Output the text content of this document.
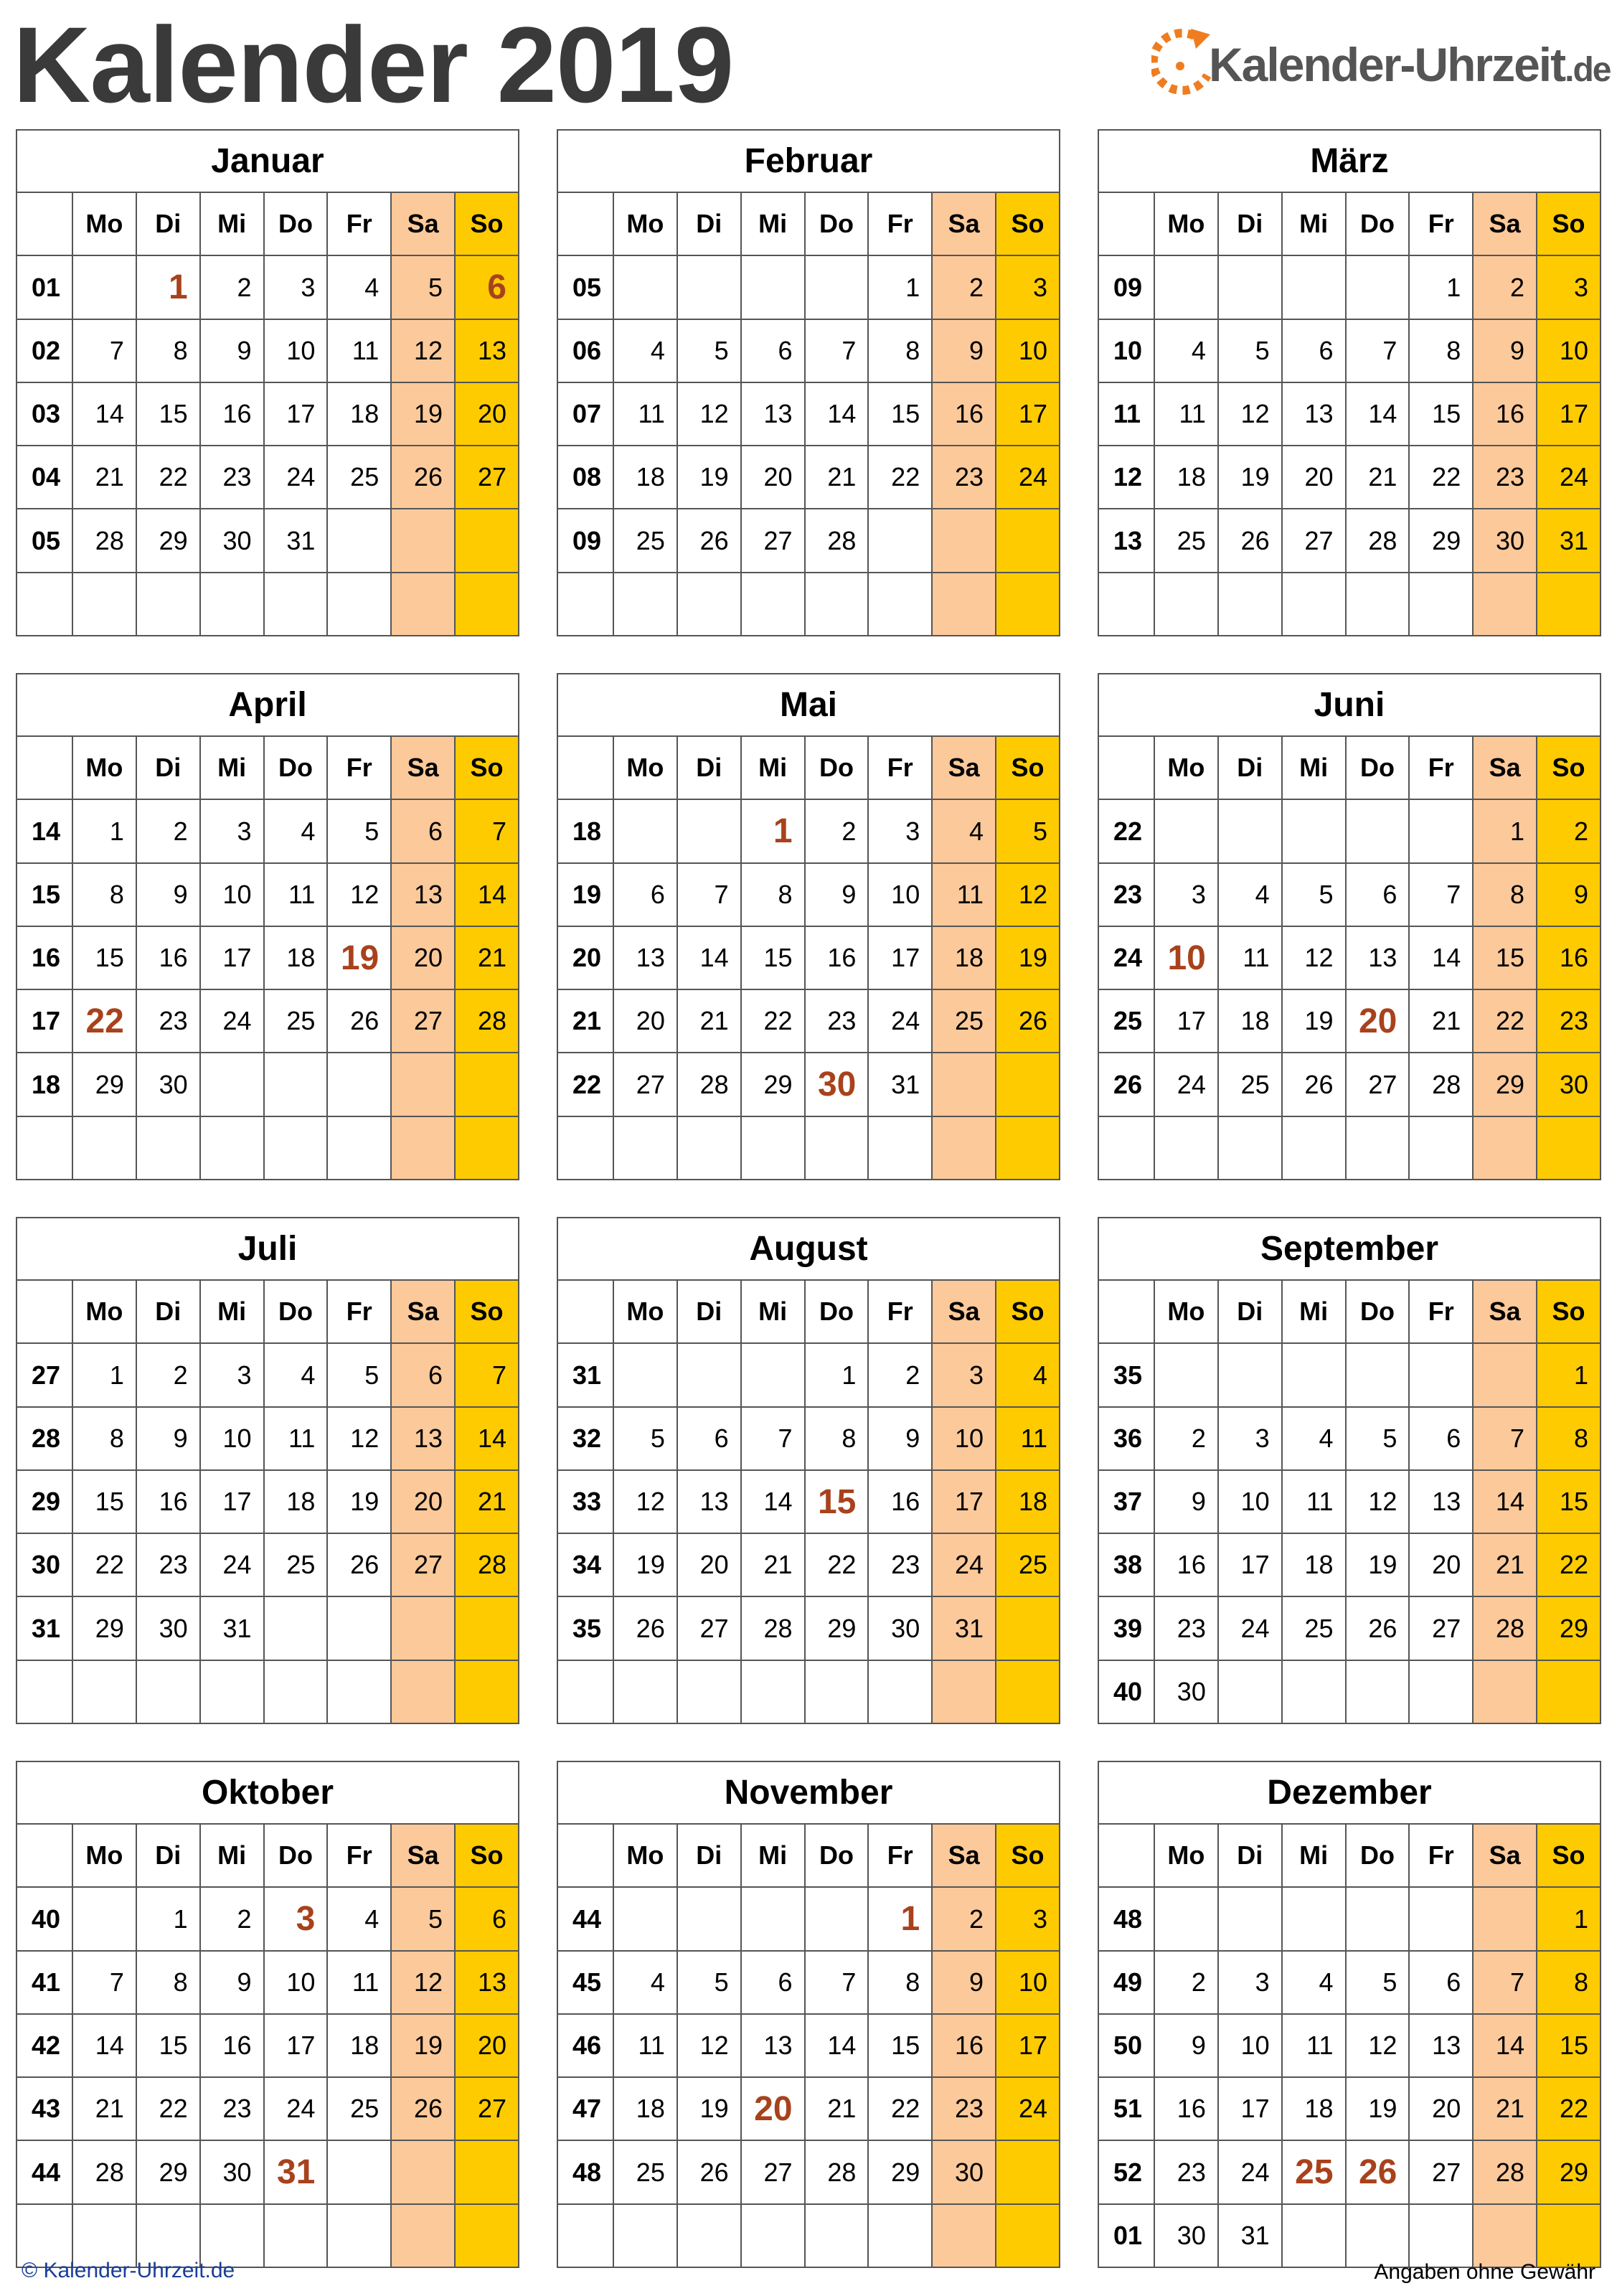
Kalender 2019	Kalender-Uhrzeit.de
Januar							
	Mo	Di	Mi	Do	Fr	Sa	So
01		1	2	3	4	5	6
02	7	8	9	10	11	12	13
03	14	15	16	17	18	19	20
04	21	22	23	24	25	26	27
05	28	29	30	31			

Februar							
	Mo	Di	Mi	Do	Fr	Sa	So
05					1	2	3
06	4	5	6	7	8	9	10
07	11	12	13	14	15	16	17
08	18	19	20	21	22	23	24
09	25	26	27	28			

März							
	Mo	Di	Mi	Do	Fr	Sa	So
09					1	2	3
10	4	5	6	7	8	9	10
11	11	12	13	14	15	16	17
12	18	19	20	21	22	23	24
13	25	26	27	28	29	30	31

April							
	Mo	Di	Mi	Do	Fr	Sa	So
14	1	2	3	4	5	6	7
15	8	9	10	11	12	13	14
16	15	16	17	18	19	20	21
17	22	23	24	25	26	27	28
18	29	30					

Mai							
	Mo	Di	Mi	Do	Fr	Sa	So
18			1	2	3	4	5
19	6	7	8	9	10	11	12
20	13	14	15	16	17	18	19
21	20	21	22	23	24	25	26
22	27	28	29	30	31		

Juni							
	Mo	Di	Mi	Do	Fr	Sa	So
22						1	2
23	3	4	5	6	7	8	9
24	10	11	12	13	14	15	16
25	17	18	19	20	21	22	23
26	24	25	26	27	28	29	30

Juli							
	Mo	Di	Mi	Do	Fr	Sa	So
27	1	2	3	4	5	6	7
28	8	9	10	11	12	13	14
29	15	16	17	18	19	20	21
30	22	23	24	25	26	27	28
31	29	30	31				

August							
	Mo	Di	Mi	Do	Fr	Sa	So
31				1	2	3	4
32	5	6	7	8	9	10	11
33	12	13	14	15	16	17	18
34	19	20	21	22	23	24	25
35	26	27	28	29	30	31	

September							
	Mo	Di	Mi	Do	Fr	Sa	So
35							1
36	2	3	4	5	6	7	8
37	9	10	11	12	13	14	15
38	16	17	18	19	20	21	22
39	23	24	25	26	27	28	29
40	30						
Oktober							
	Mo	Di	Mi	Do	Fr	Sa	So
40		1	2	3	4	5	6
41	7	8	9	10	11	12	13
42	14	15	16	17	18	19	20
43	21	22	23	24	25	26	27
44	28	29	30	31			

November							
	Mo	Di	Mi	Do	Fr	Sa	So
44					1	2	3
45	4	5	6	7	8	9	10
46	11	12	13	14	15	16	17
47	18	19	20	21	22	23	24
48	25	26	27	28	29	30	

Dezember							
	Mo	Di	Mi	Do	Fr	Sa	So
48							1
49	2	3	4	5	6	7	8
50	9	10	11	12	13	14	15
51	16	17	18	19	20	21	22
52	23	24	25	26	27	28	29
01	30	31					
© Kalender-Uhrzeit.de	Angaben ohne Gewähr
